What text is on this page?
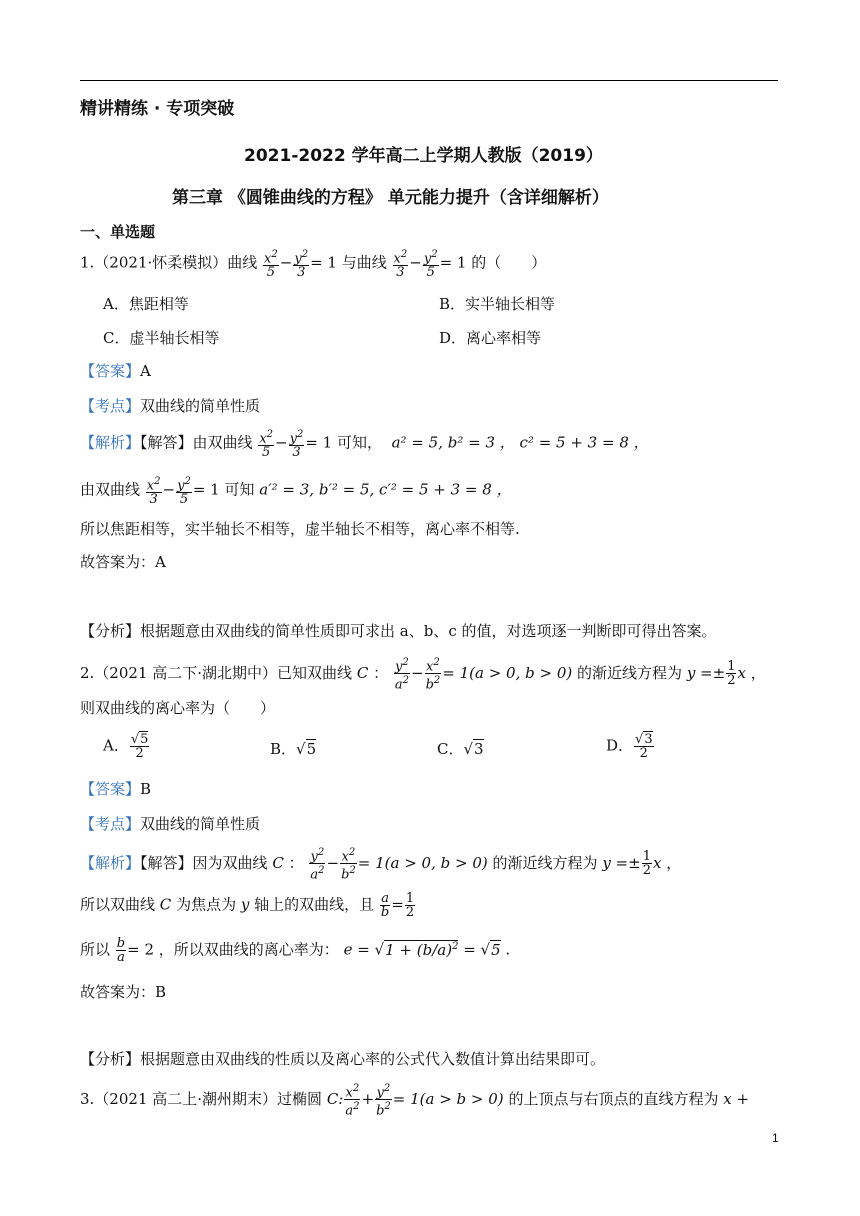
精讲精练 · 专项突破
2021-2022 学年高二上学期人教版（2019）
第三章 《圆锥曲线的方程》 单元能力提升（含详细解析）
一、单选题
1.（2021·怀柔模拟）曲线 $\frac{x^2}{5} - \frac{y^2}{3} = 1$ 与曲线 $\frac{x^2}{3} - \frac{y^2}{5} = 1$ 的（　　）
A．焦距相等	B．实半轴长相等
C．虚半轴长相等	D．离心率相等
【答案】A
【考点】双曲线的简单性质
【解析】【解答】由双曲线 $\frac{x^2}{5} - \frac{y^2}{3} = 1$ 可知， a² = 5, b² = 3 ， c² = 5 + 3 = 8 ，
由双曲线 $\frac{x^2}{3} - \frac{y^2}{5} = 1$ 可知 a′² = 3, b′² = 5, c′² = 5 + 3 = 8 ，
所以焦距相等，实半轴长不相等，虚半轴长不相等，离心率不相等.
故答案为：A
【分析】根据题意由双曲线的简单性质即可求出 a、b、c 的值，对选项逐一判断即可得出答案。
2.（2021 高二下·湖北期中）已知双曲线 C ： $\frac{y^2}{a^2} - \frac{x^2}{b^2} = 1(a > 0$, b > 0) 的渐近线方程为 $y =\pm \frac{1}{2}$ x ，
则双曲线的离心率为（　　）
A． $\frac{√5}{2}$	B．√5	C．√3	D． $\frac{√3}{2}$
【答案】B
【考点】双曲线的简单性质
【解析】【解答】因为双曲线 C ： $\frac{y^2}{a^2} - \frac{x^2}{b^2} = 1(a > 0$, b > 0) 的渐近线方程为 $y =\pm \frac{1}{2}$ x ，
所以双曲线 C 为焦点为 y 轴上的双曲线，且 $\frac{a}{b} = \frac{1}{2}$
所以 $\frac{b}{a} = 2$ ，所以双曲线的离心率为： $e = √1 + (b/a)^2 = √5$ .
故答案为：B
【分析】根据题意由双曲线的性质以及离心率的公式代入数值计算出结果即可。
3.（2021 高二上·潮州期末）过椭圆 C: $\frac{x^2}{a^2} + \frac{y^2}{b^2} = 1(a > b > 0)$ 的上顶点与右顶点的直线方程为 x +
1
